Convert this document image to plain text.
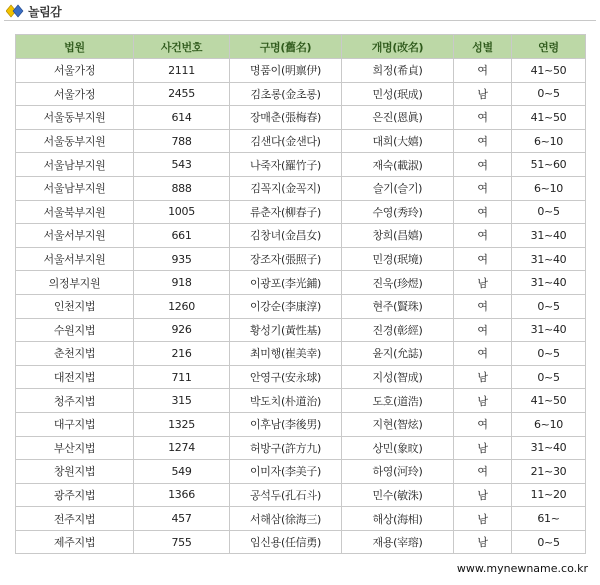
놀림감
법원	사건번호	구명(舊名)	개명(改名)	성별	연령
서울가정	2111	명품이(明禀伊)	희정(希貞)	여	41~50
서울가정	2455	김초롱(金초롱)	민성(珉成)	남	0~5
서울동부지원	614	장매춘(張梅春)	은진(恩眞)	여	41~50
서울동부지원	788	김샌다(金샌다)	대희(大嬉)	여	6~10
서울남부지원	543	나죽자(羅竹子)	재숙(載淑)	여	51~60
서울남부지원	888	김꼭지(金꼭지)	슬기(슬기)	여	6~10
서울북부지원	1005	류춘자(柳春子)	수영(秀玲)	여	0~5
서울서부지원	661	김창녀(金昌女)	창희(昌嬉)	여	31~40
서울서부지원	935	장조자(張照子)	민경(珉境)	여	31~40
의정부지원	918	이광포(李光鋪)	진욱(珍煜)	남	31~40
인천지법	1260	이강순(李康淳)	현주(賢珠)	여	0~5
수원지법	926	황성기(黃性基)	진경(彰經)	여	31~40
춘천지법	216	최미행(崔美幸)	윤지(允誌)	여	0~5
대전지법	711	안영구(安永球)	지성(智成)	남	0~5
청주지법	315	박도치(朴道治)	도호(道浩)	남	41~50
대구지법	1325	이후남(李後男)	지현(智炫)	여	6~10
부산지법	1274	허방구(許方九)	상민(象旼)	남	31~40
창원지법	549	이미자(李美子)	하영(河玲)	여	21~30
광주지법	1366	공석두(孔石斗)	민수(敏洙)	남	11~20
전주지법	457	서해삼(徐海三)	해상(海相)	남	61~
제주지법	755	임신용(任信勇)	재용(宰瑢)	남	0~5
www.mynewname.co.kr
